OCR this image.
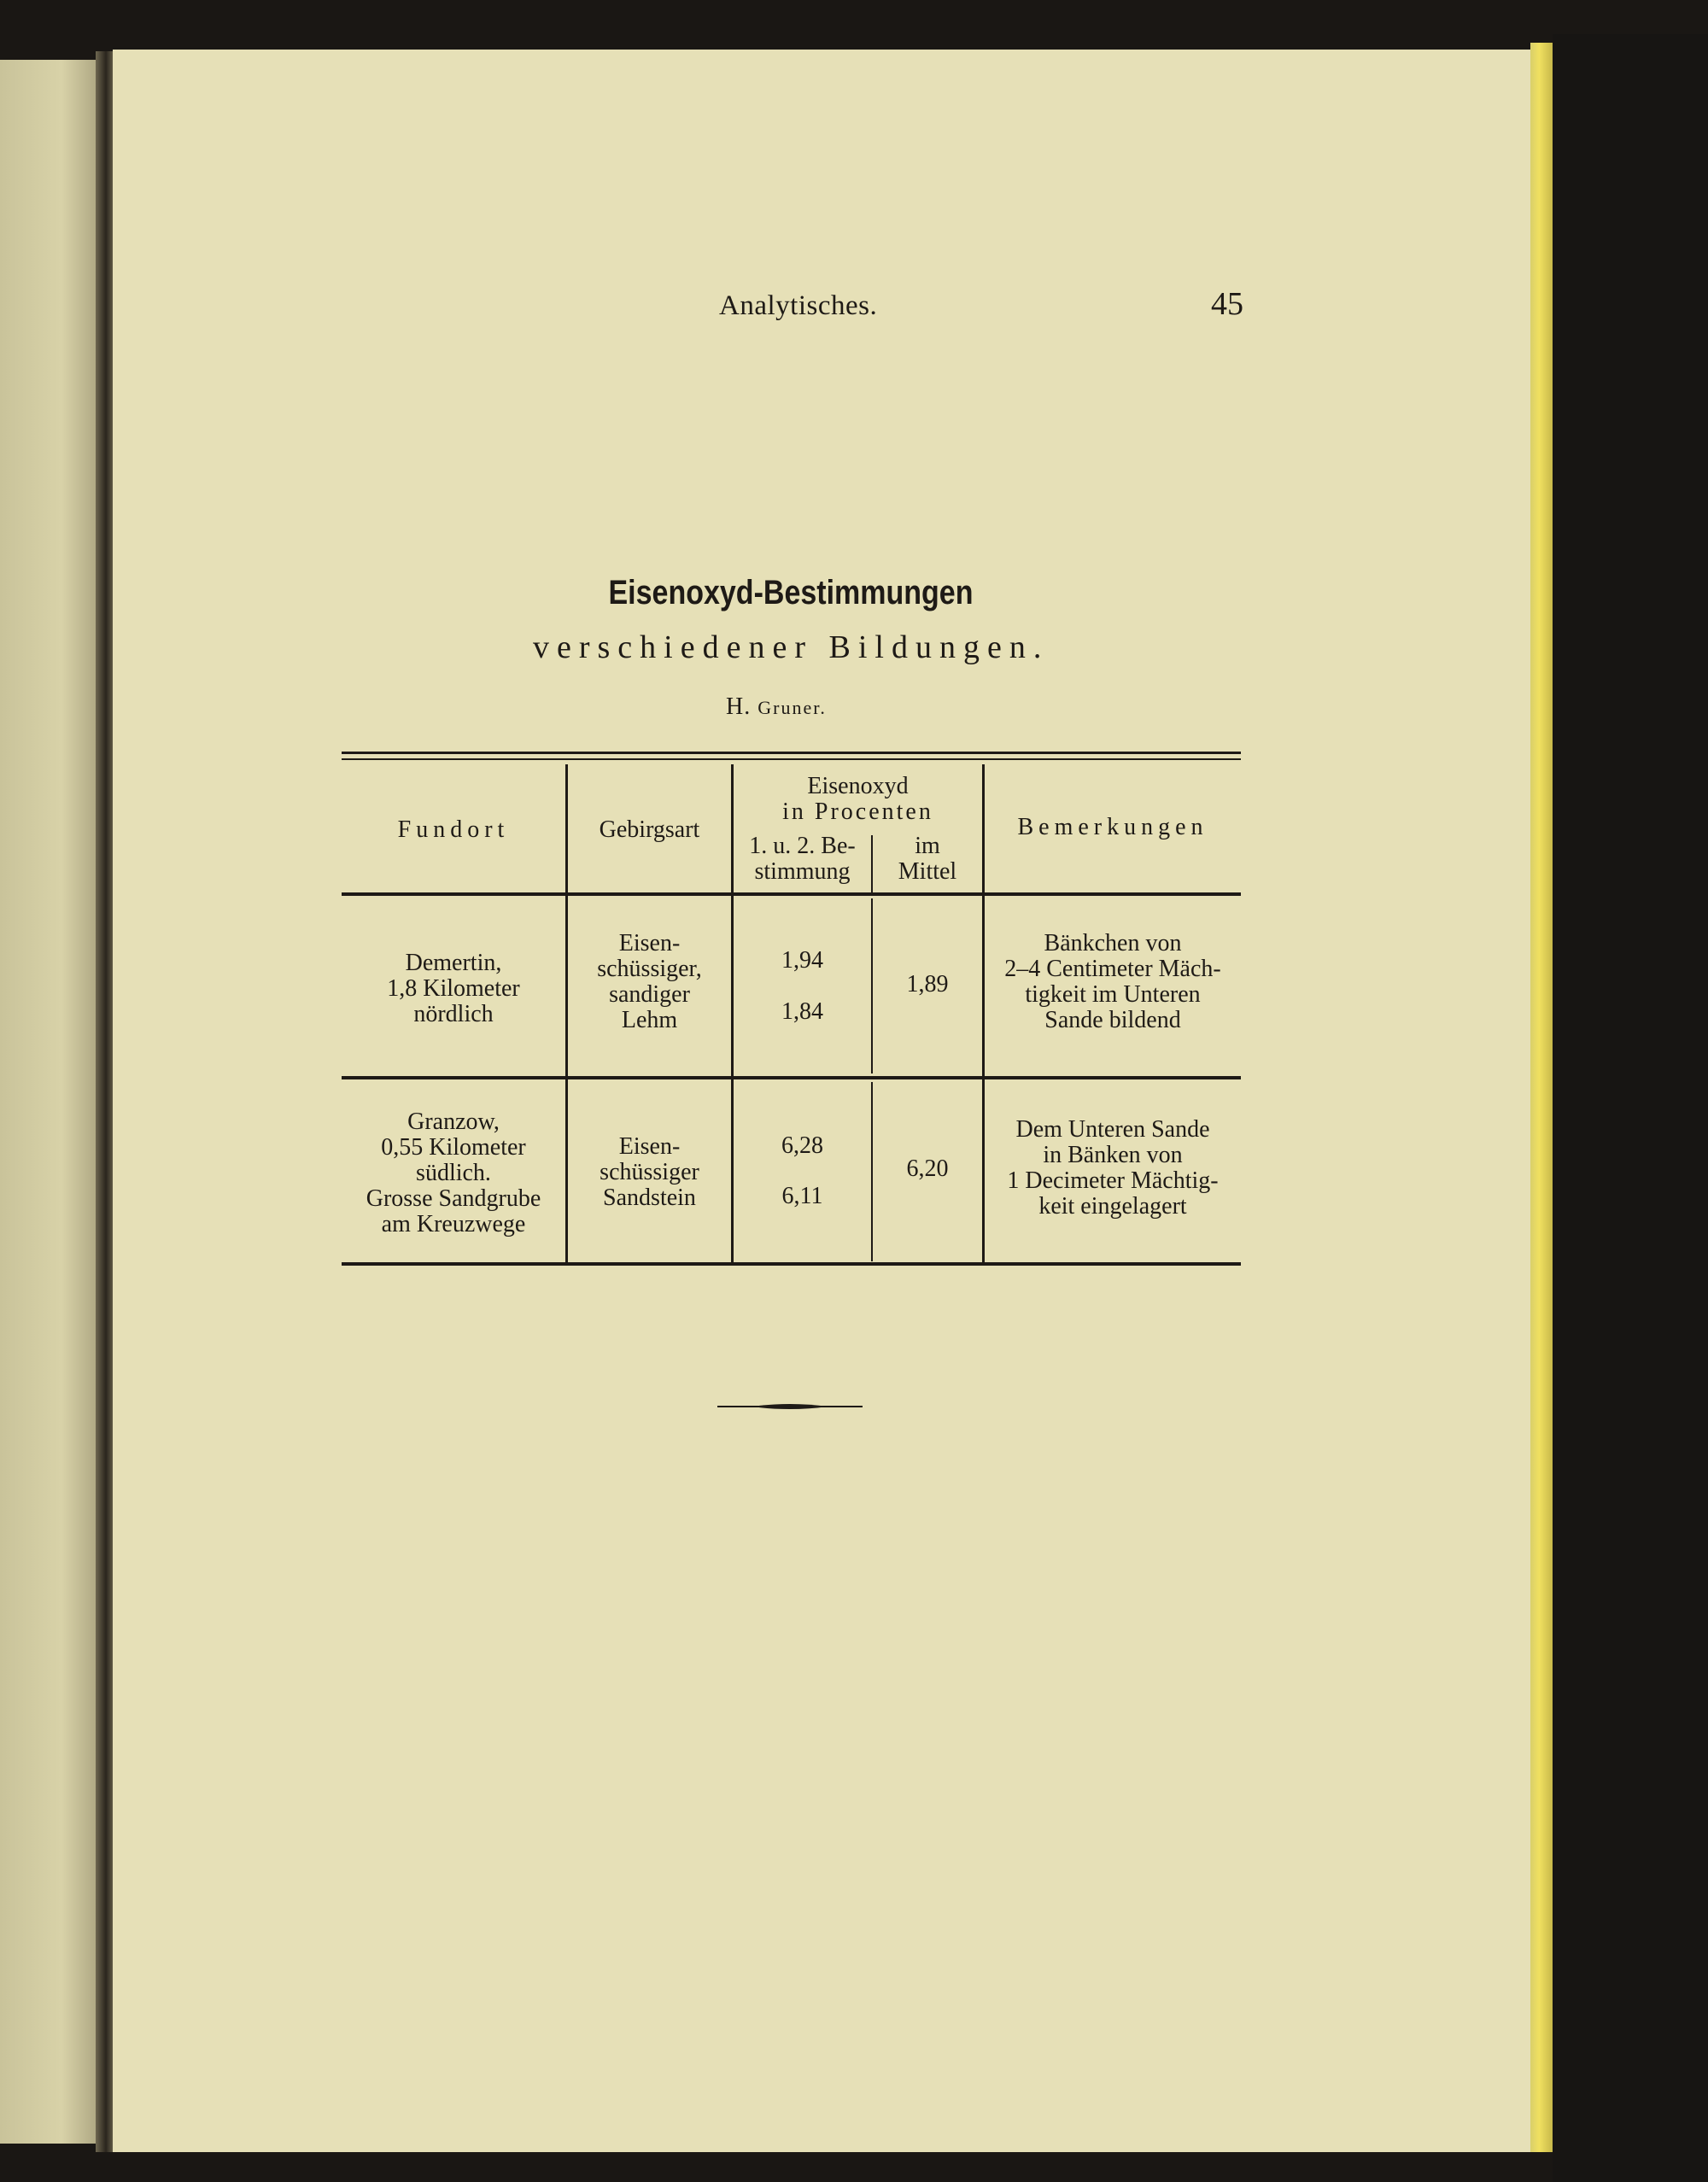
Analytisches.	45
Eisenoxyd-Bestimmungen
verschiedener Bildungen.
H. Gruner.
Fundort	Gebirgsart
Eisenoxyd
in Procenten
1. u. 2. Be-
stimmung
im
Mittel
Bemerkungen
Demertin,
1,8 Kilometer
nördlich
Eisen-
schüssiger,
sandiger
Lehm
1,94
1,84
1,89
Bänkchen von
2–4 Centimeter Mäch-
tigkeit im Unteren
Sande bildend
Granzow,
0,55 Kilometer
südlich.
Grosse Sandgrube
am Kreuzwege
Eisen-
schüssiger
Sandstein
6,28
6,11
6,20
Dem Unteren Sande
in Bänken von
1 Decimeter Mächtig-
keit eingelagert
